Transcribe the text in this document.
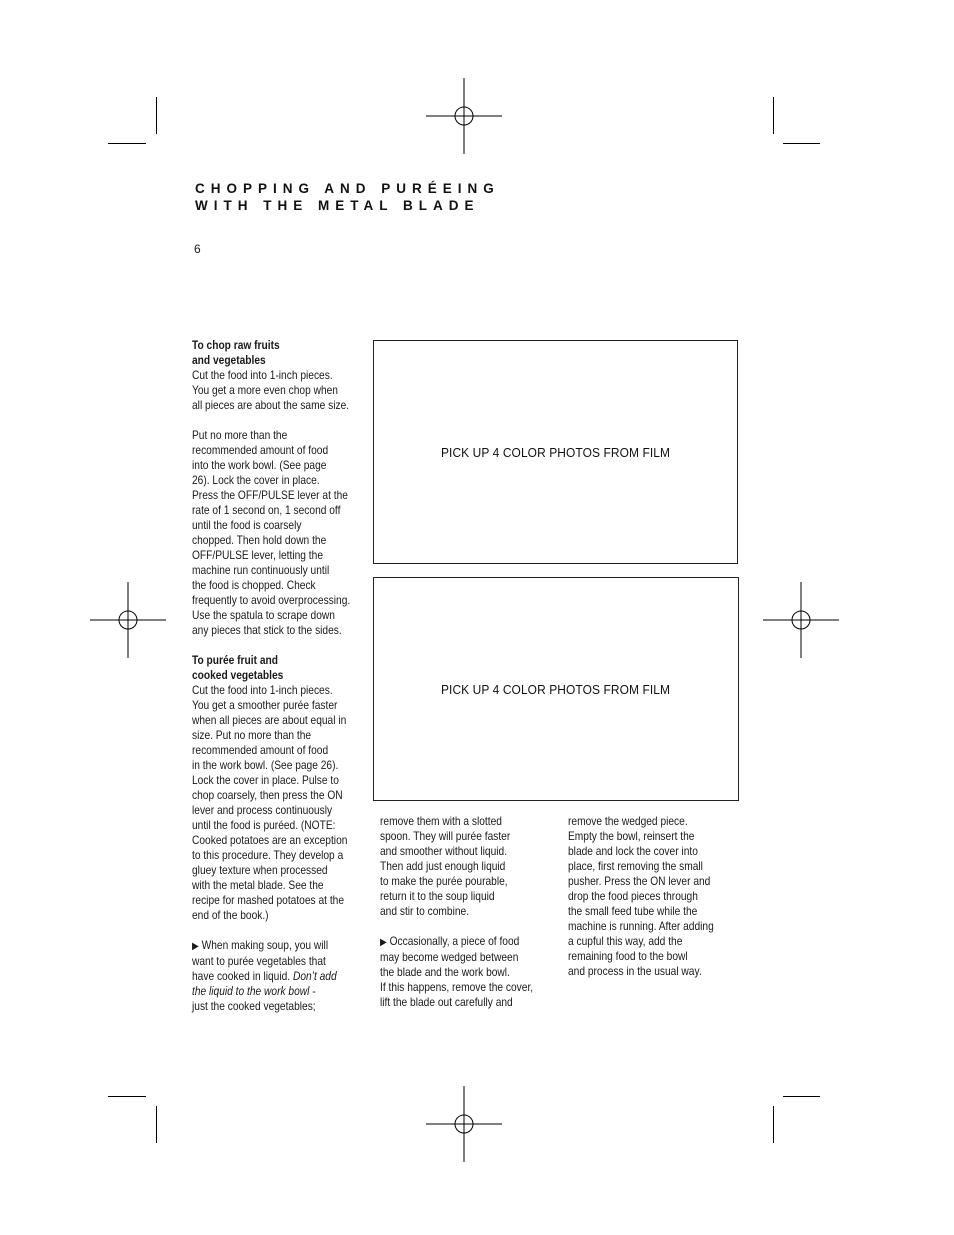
CHOPPING AND PURÉEING
WITH THE METAL BLADE
6
PICK UP 4 COLOR PHOTOS FROM FILM
PICK UP 4 COLOR PHOTOS FROM FILM

To chop raw fruits

and vegetables

Cut the food into 1-inch pieces.

You get a more even chop when

all pieces are about the same size.

Put no more than the

recommended amount of food

into the work bowl. (See page

26). Lock the cover in place.

Press the OFF/PULSE lever at the

rate of 1 second on, 1 second off

until the food is coarsely

chopped. Then hold down the

OFF/PULSE lever, letting the

machine run continuously until

the food is chopped. Check

frequently to avoid overprocessing.

Use the spatula to scrape down

any pieces that stick to the sides.

To purée fruit and

cooked vegetables

Cut the food into 1-inch pieces.

You get a smoother purée faster

when all pieces are about equal in

size. Put no more than the

recommended amount of food

in the work bowl. (See page 26).

Lock the cover in place. Pulse to

chop coarsely, then press the ON

lever and process continuously

until the food is puréed. (NOTE:

Cooked potatoes are an exception

to this procedure. They develop a

gluey texture when processed

with the metal blade. See the

recipe for mashed potatoes at the

end of the book.)

▶ When making soup, you will

want to purée vegetables that

have cooked in liquid. Don’t add

the liquid to the work bowl -

just the cooked vegetables;

remove them with a slotted

spoon. They will purée faster

and smoother without liquid.

Then add just enough liquid

to make the purée pourable,

return it to the soup liquid

and stir to combine.

▶ Occasionally, a piece of food

may become wedged between

the blade and the work bowl.

If this happens, remove the cover,

lift the blade out carefully and

remove the wedged piece.

Empty the bowl, reinsert the

blade and lock the cover into

place, first removing the small

pusher. Press the ON lever and

drop the food pieces through

the small feed tube while the

machine is running. After adding

a cupful this way, add the

remaining food to the bowl

and process in the usual way.
